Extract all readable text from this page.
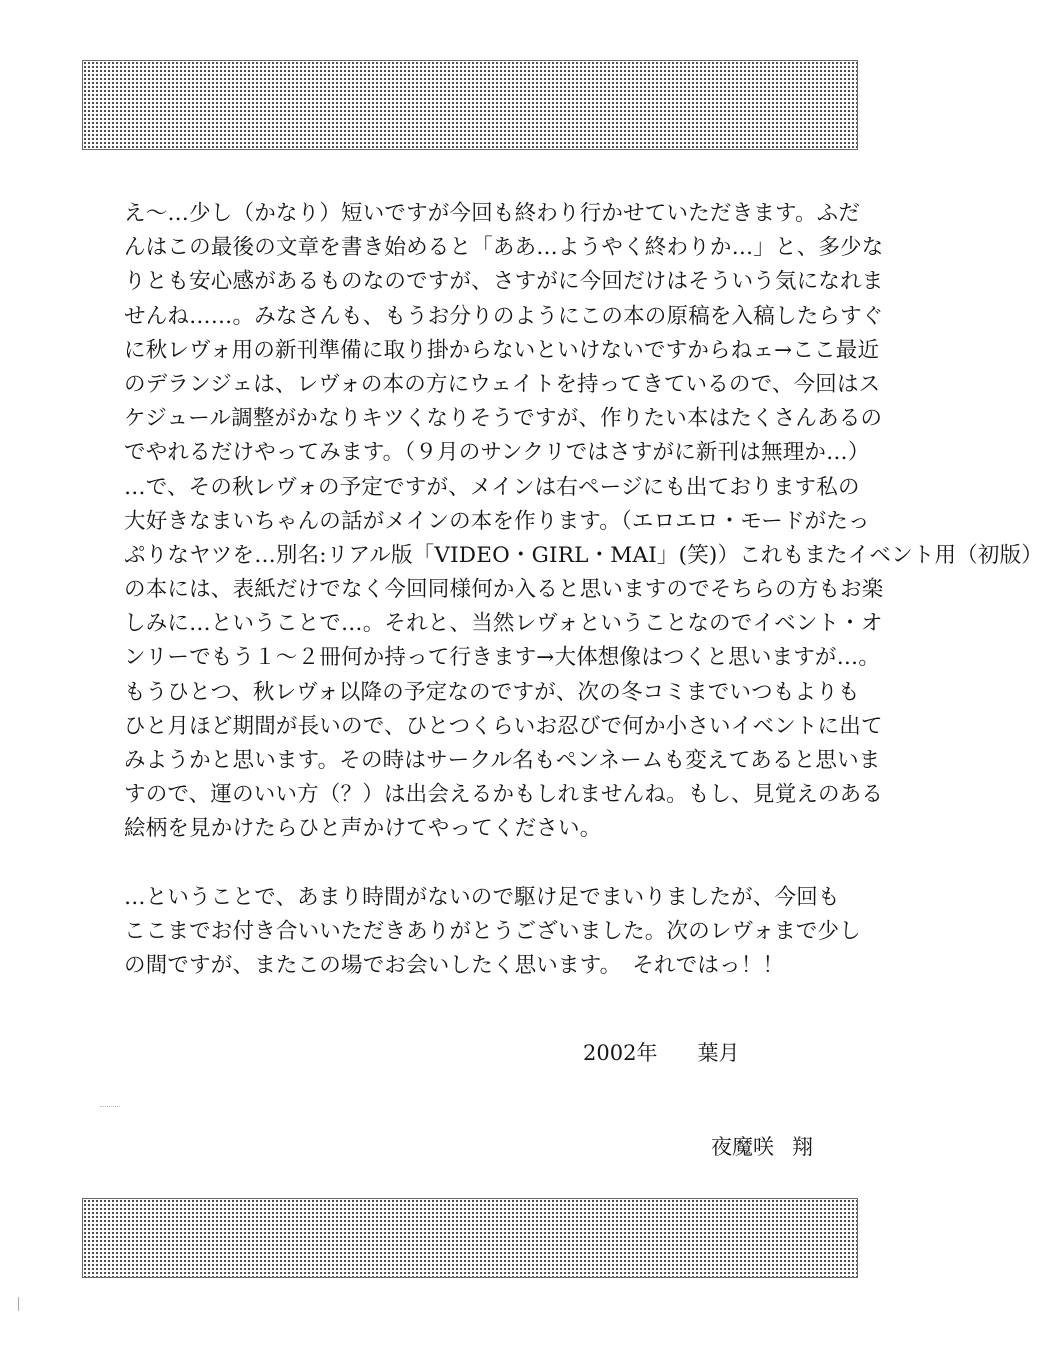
え～…少し（かなり）短いですが今回も終わり行かせていただきます。ふだ
んはこの最後の文章を書き始めると「ああ…ようやく終わりか…」と、多少な
りとも安心感があるものなのですが、さすがに今回だけはそういう気になれま
せんね……。みなさんも、もうお分りのようにこの本の原稿を入稿したらすぐ
に秋レヴォ用の新刊準備に取り掛からないといけないですからねェ→ここ最近
のデランジェは、レヴォの本の方にウェイトを持ってきているので、今回はス
ケジュール調整がかなりキツくなりそうですが、作りたい本はたくさんあるの
でやれるだけやってみます。（９月のサンクリではさすがに新刊は無理か…）
…で、その秋レヴォの予定ですが、メインは右ページにも出ております私の
大好きなまいちゃんの話がメインの本を作ります。（エロエロ・モードがたっ
ぷりなヤツを…別名:リアル版「VIDEO・GIRL・MAI」(笑)）これもまたイベント用（初版）
の本には、表紙だけでなく今回同様何か入ると思いますのでそちらの方もお楽
しみに…ということで…。それと、当然レヴォということなのでイベント・オ
ンリーでもう１～２冊何か持って行きます→大体想像はつくと思いますが…。
もうひとつ、秋レヴォ以降の予定なのですが、次の冬コミまでいつもよりも
ひと月ほど期間が長いので、ひとつくらいお忍びで何か小さいイベントに出て
みようかと思います。その時はサークル名もペンネームも変えてあると思いま
すので、運のいい方（？）は出会えるかもしれませんね。もし、見覚えのある
絵柄を見かけたらひと声かけてやってください。
…ということで、あまり時間がないので駆け足でまいりましたが、今回も
ここまでお付き合いいただきありがとうございました。次のレヴォまで少し
の間ですが、またこの場でお会いしたく思います。　それではっ！！
2002年 葉月
夜魔咲 翔
